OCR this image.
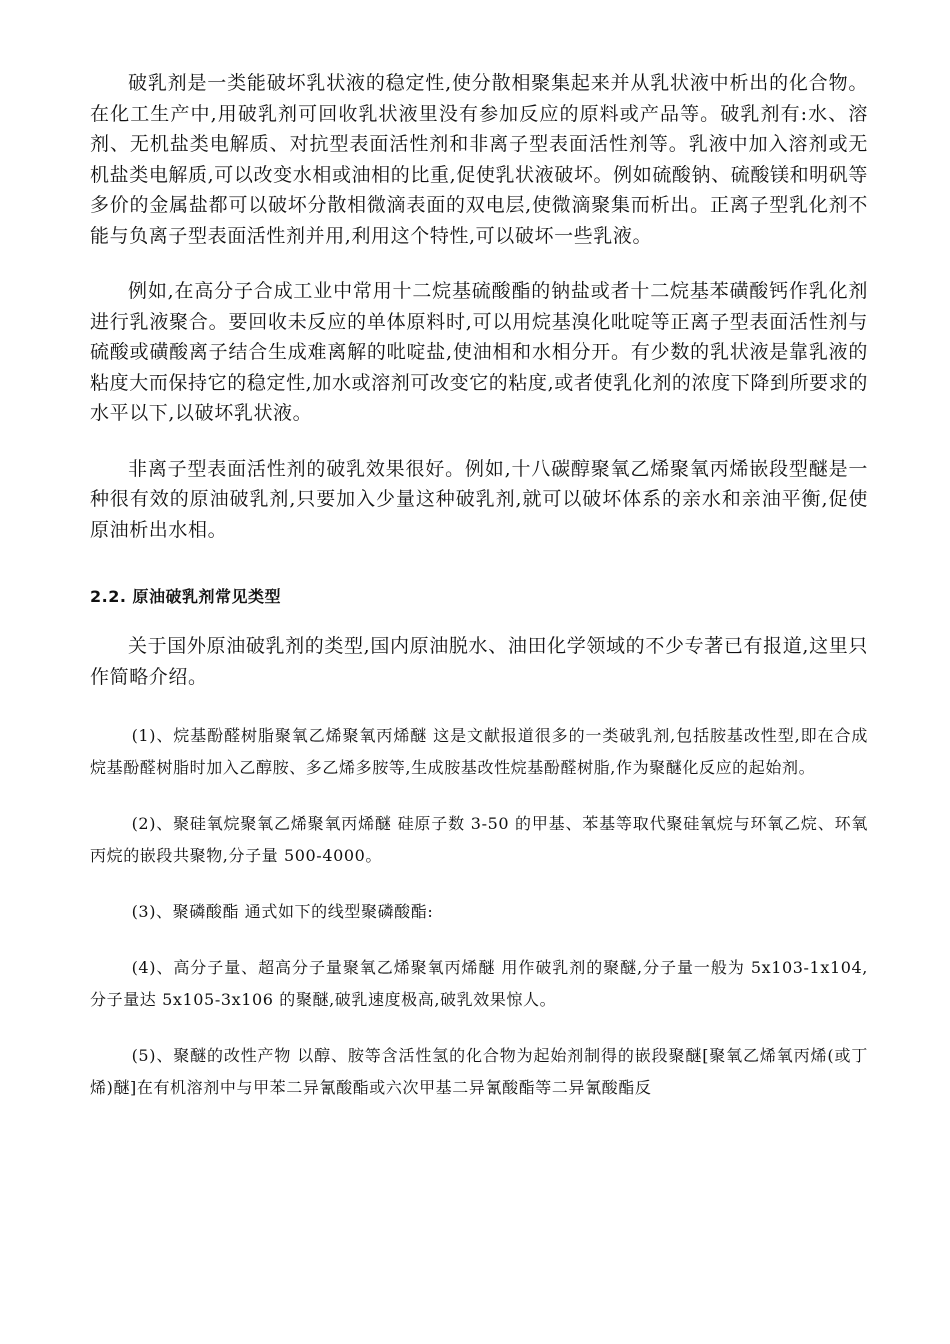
破乳剂是一类能破坏乳状液的稳定性,使分散相聚集起来并从乳状液中析出的化合物。在化工生产中,用破乳剂可回收乳状液里没有参加反应的原料或产品等。破乳剂有:水、溶剂、无机盐类电解质、对抗型表面活性剂和非离子型表面活性剂等。乳液中加入溶剂或无机盐类电解质,可以改变水相或油相的比重,促使乳状液破坏。例如硫酸钠、硫酸镁和明矾等多价的金属盐都可以破坏分散相微滴表面的双电层,使微滴聚集而析出。正离子型乳化剂不能与负离子型表面活性剂并用,利用这个特性,可以破坏一些乳液。

例如,在高分子合成工业中常用十二烷基硫酸酯的钠盐或者十二烷基苯磺酸钙作乳化剂进行乳液聚合。要回收未反应的单体原料时,可以用烷基溴化吡啶等正离子型表面活性剂与硫酸或磺酸离子结合生成难离解的吡啶盐,使油相和水相分开。有少数的乳状液是靠乳液的粘度大而保持它的稳定性,加水或溶剂可改变它的粘度,或者使乳化剂的浓度下降到所要求的水平以下,以破坏乳状液。

非离子型表面活性剂的破乳效果很好。例如,十八碳醇聚氧乙烯聚氧丙烯嵌段型醚是一种很有效的原油破乳剂,只要加入少量这种破乳剂,就可以破坏体系的亲水和亲油平衡,促使原油析出水相。

2.2. 原油破乳剂常见类型

关于国外原油破乳剂的类型,国内原油脱水、油田化学领域的不少专著已有报道,这里只作简略介绍。

(1)、烷基酚醛树脂聚氧乙烯聚氧丙烯醚 这是文献报道很多的一类破乳剂,包括胺基改性型,即在合成烷基酚醛树脂时加入乙醇胺、多乙烯多胺等,生成胺基改性烷基酚醛树脂,作为聚醚化反应的起始剂。

(2)、聚硅氧烷聚氧乙烯聚氧丙烯醚 硅原子数 3-50 的甲基、苯基等取代聚硅氧烷与环氧乙烷、环氧丙烷的嵌段共聚物,分子量 500-4000。

(3)、聚磷酸酯 通式如下的线型聚磷酸酯:

(4)、高分子量、超高分子量聚氧乙烯聚氧丙烯醚 用作破乳剂的聚醚,分子量一般为 5x103-1x104,分子量达 5x105-3x106 的聚醚,破乳速度极高,破乳效果惊人。

(5)、聚醚的改性产物 以醇、胺等含活性氢的化合物为起始剂制得的嵌段聚醚[聚氧乙烯氧丙烯(或丁烯)醚]在有机溶剂中与甲苯二异氰酸酯或六次甲基二异氰酸酯等二异氰酸酯反
